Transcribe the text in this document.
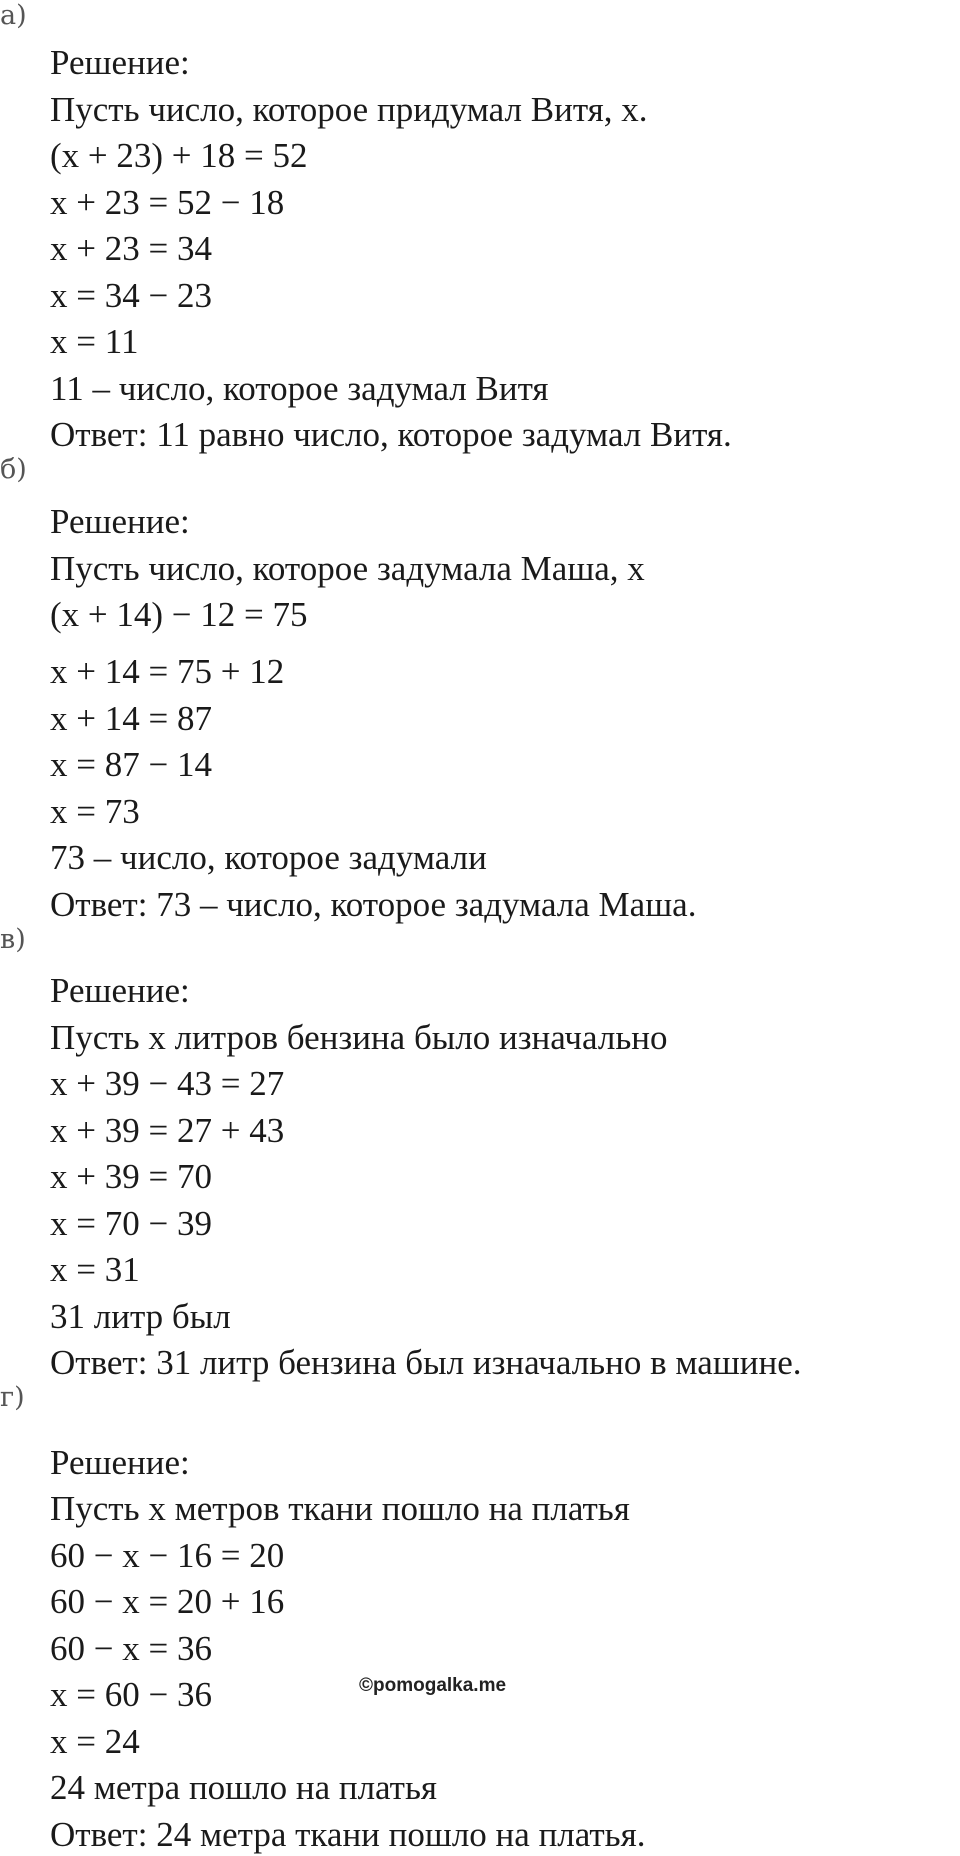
а)
Решение:
Пусть число, которое придумал Витя, x.
(x + 23) + 18 = 52
x + 23 = 52 − 18
x + 23 = 34
x = 34 − 23
x = 11
11 – число, которое задумал Витя
Ответ: 11 равно число, которое задумал Витя.
б)
Решение:
Пусть число, которое задумала Маша, x
(x + 14) − 12 = 75
x + 14 = 75 + 12
x + 14 = 87
x = 87 − 14
x = 73
73 – число, которое задумали
Ответ: 73 – число, которое задумала Маша.
в)
Решение:
Пусть x литров бензина было изначально
x + 39 − 43 = 27
x + 39 = 27 + 43
x + 39 = 70
x = 70 − 39
x = 31
31 литр был
Ответ: 31 литр бензина был изначально в машине.
г)
Решение:
Пусть x метров ткани пошло на платья
60 − x − 16 = 20
60 − x = 20 + 16
60 − x = 36
x = 60 − 36
x = 24
24 метра пошло на платья
Ответ: 24 метра ткани пошло на платья.
©pomogalka.me
